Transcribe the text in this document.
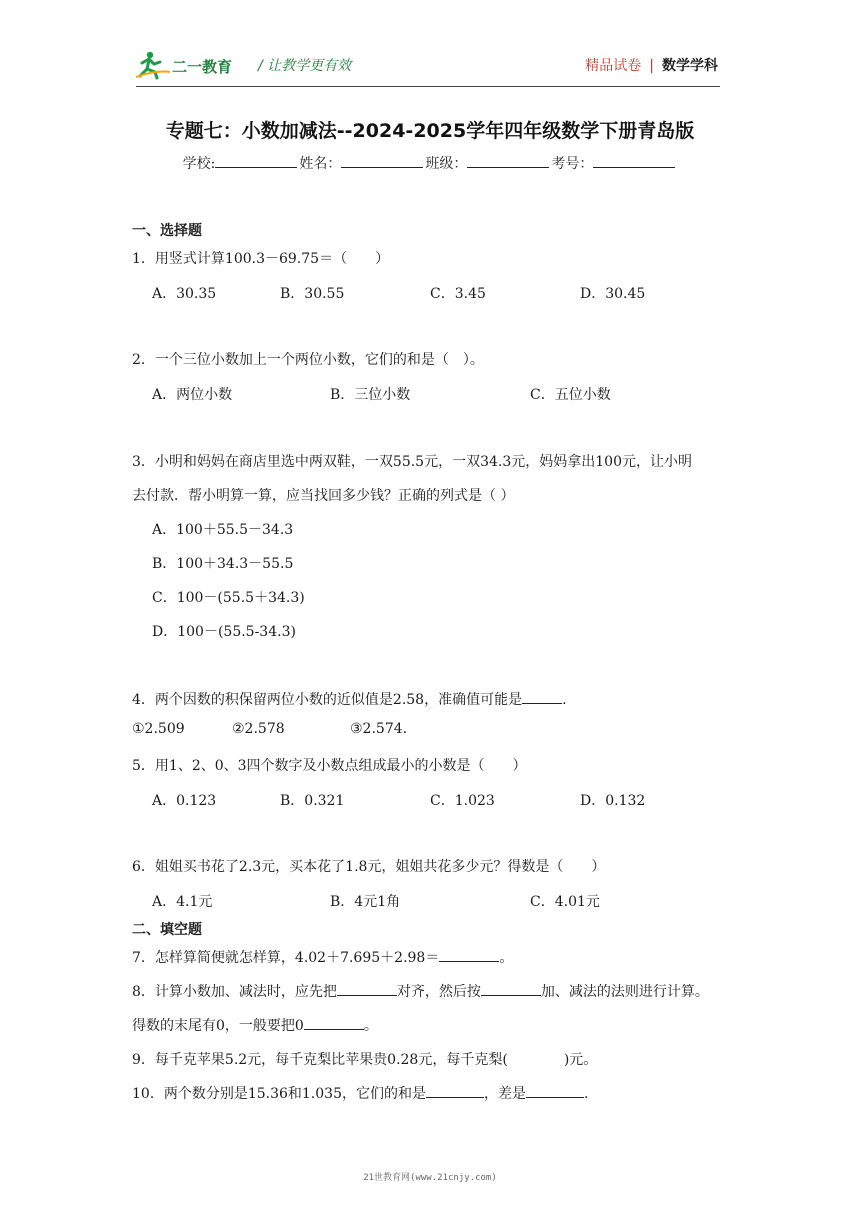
二一教育 / 让教学更有效	精品试卷 | 数学学科
专题七：小数加减法--2024-2025学年四年级数学下册青岛版
学校:	姓名：	班级：	考号：
一、选择题
1．用竖式计算100.3－69.75＝（　　）
A．30.35	B．30.55	C．3.45	D．30.45
2．一个三位小数加上一个两位小数，它们的和是（　）。
A．两位小数	B．三位小数	C．五位小数
3．小明和妈妈在商店里选中两双鞋，一双55.5元，一双34.3元，妈妈拿出100元，让小明
去付款．帮小明算一算，应当找回多少钱？正确的列式是（ ）
A．100＋55.5－34.3
B．100＋34.3－55.5
C．100－(55.5＋34.3)
D．100－(55.5-34.3)
4．两个因数的积保留两位小数的近似值是2.58，准确值可能是	.
①2.509	②2.578	③2.574.
5．用1、2、0、3四个数字及小数点组成最小的小数是（　　）
A．0.123	B．0.321	C．1.023	D．0.132
6．姐姐买书花了2.3元，买本花了1.8元，姐姐共花多少元？得数是（　　）
A．4.1元	B．4元1角	C．4.01元
二、填空题
7．怎样算简便就怎样算，4.02＋7.695＋2.98＝	。
8．计算小数加、减法时，应先把	对齐，然后按	加、减法的法则进行计算。
得数的末尾有0，一般要把0	。
9．每千克苹果5.2元，每千克梨比苹果贵0.28元，每千克梨(	)元。
10．两个数分别是15.36和1.035，它们的和是	，差是	.
21世教育网(www.21cnjy.com)
